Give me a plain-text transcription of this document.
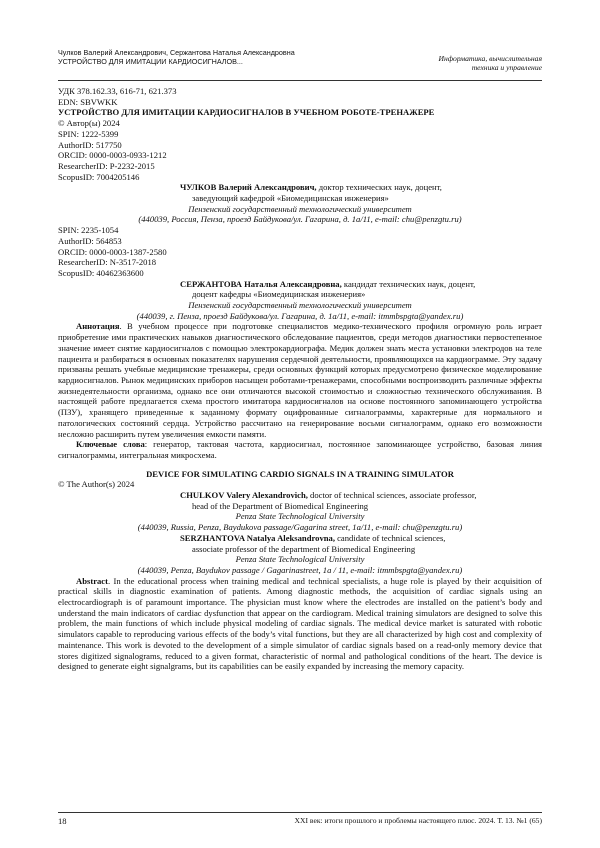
Чулков Валерий Александрович, Сержантова Наталья Александровна
УСТРОЙСТВО ДЛЯ ИМИТАЦИИ КАРДИОСИГНАЛОВ...	Информатика, вычислительная
техника и управление

УДК 378.162.33, 616-71, 621.373

EDN: SBVWKK

УСТРОЙСТВО ДЛЯ ИМИТАЦИИ КАРДИОСИГНАЛОВ В УЧЕБНОМ РОБОТЕ-ТРЕНАЖЕРЕ

© Автор(ы) 2024

SPIN: 1222-5399

AuthorID: 517750

ORCID: 0000-0003-0933-1212

ResearcherID: P-2232-2015

ScopusID: 7004205146

ЧУЛКОВ Валерий Александрович, доктор технических наук, доцент,

заведующий кафедрой «Биомедицинская инженерия»

Пензенский государственный технологический университет

(440039, Россия, Пенза, проезд Байдукова/ул. Гагарина, д. 1а/11, e-mail: chu@penzgtu.ru)

SPIN: 2235-1054

AuthorID: 564853

ORCID: 0000-0003-1387-2580

ResearcherID: N-3517-2018

ScopusID: 40462363600

СЕРЖАНТОВА Наталья Александровна, кандидат технических наук, доцент,

доцент кафедры «Биомедицинская инженерия»

Пензенский государственный технологический университет

(440039, г. Пенза, проезд Байдукова/ул. Гагарина, д. 1а/11, e-mail: itmmbspgta@yandex.ru)

Аннотация. В учебном процессе при подготовке специалистов медико-технического профиля огромную роль играет приобретение ими практических навыков диагностического обследование пациентов, среди методов диагностики первостепенное значение имеет снятие кардиосигналов с помощью электрокардиографа. Медик должен знать места установки электродов на теле пациента и разбираться в основных показателях нарушения сердечной деятельности, проявляющихся на кардиограмме. Эту задачу призваны решать учебные медицинские тренажеры, среди основных функций которых предусмотрено физическое моделирование кардиосигналов. Рынок медицинских приборов насыщен роботами-тренажерами, способными воспроизводить различные эффекты жизнедеятельности организма, однако все они отличаются высокой стоимостью и сложностью технического обслуживания. В настоящей работе предлагается схема простого имитатора кардиосигналов на основе постоянного запоминающего устройства (ПЗУ), хранящего приведенные к заданному формату оцифрованные сигналограммы, характерные для нормального и патологических состояний сердца. Устройство рассчитано на генерирование восьми сигналограмм, однако его возможности несложно расширить путем увеличения емкости памяти.

Ключевые слова: генератор, тактовая частота, кардиосигнал, постоянное запоминающее устройство, базовая линия сигналограммы, интегральная микросхема.

DEVICE FOR SIMULATING CARDIO SIGNALS IN A TRAINING SIMULATOR

© The Author(s) 2024

CHULKOV Valery Alexandrovich, doctor of technical sciences, associate professor,

head of the Department of Biomedical Engineering

Penza State Technological University

(440039, Russia, Penza, Baydukova passage/Gagarina street, 1a/11, e-mail: chu@penzgtu.ru)

SERZHANTOVA Natalya Aleksandrovna, candidate of technical sciences,

associate professor of the department of Biomedical Engineering

Penza State Technological University

(440039, Penza, Baydukov passage / Gagarinastreet, 1a / 11, e-mail: itmmbspgta@yandex.ru)

Abstract. In the educational process when training medical and technical specialists, a huge role is played by their acquisition of practical skills in diagnostic examination of patients. Among diagnostic methods, the acquisition of cardiac signals using an electrocardiograph is of paramount importance. The physician must know where the electrodes are installed on the patient’s body and understand the main indicators of cardiac dysfunction that appear on the cardiogram. Medical training simulators are designed to solve this problem, the main functions of which include physical modeling of cardiac signals. The medical device market is saturated with robotic simulators capable to reproducing various effects of the body’s vital functions, but they are all characterized by high cost and complexity of maintenance. This work is devoted to the development of a simple simulator of cardiac signals based on a read-only memory device that stores digitized signalograms, reduced to a given format, characteristic of normal and pathological conditions of the heart. The device is designed to generate eight signalgrams, but its capabilities can be easily expanded by increasing the memory capacity.

18	XXI век: итоги прошлого и проблемы настоящего плюс. 2024. Т. 13. №1 (65)
